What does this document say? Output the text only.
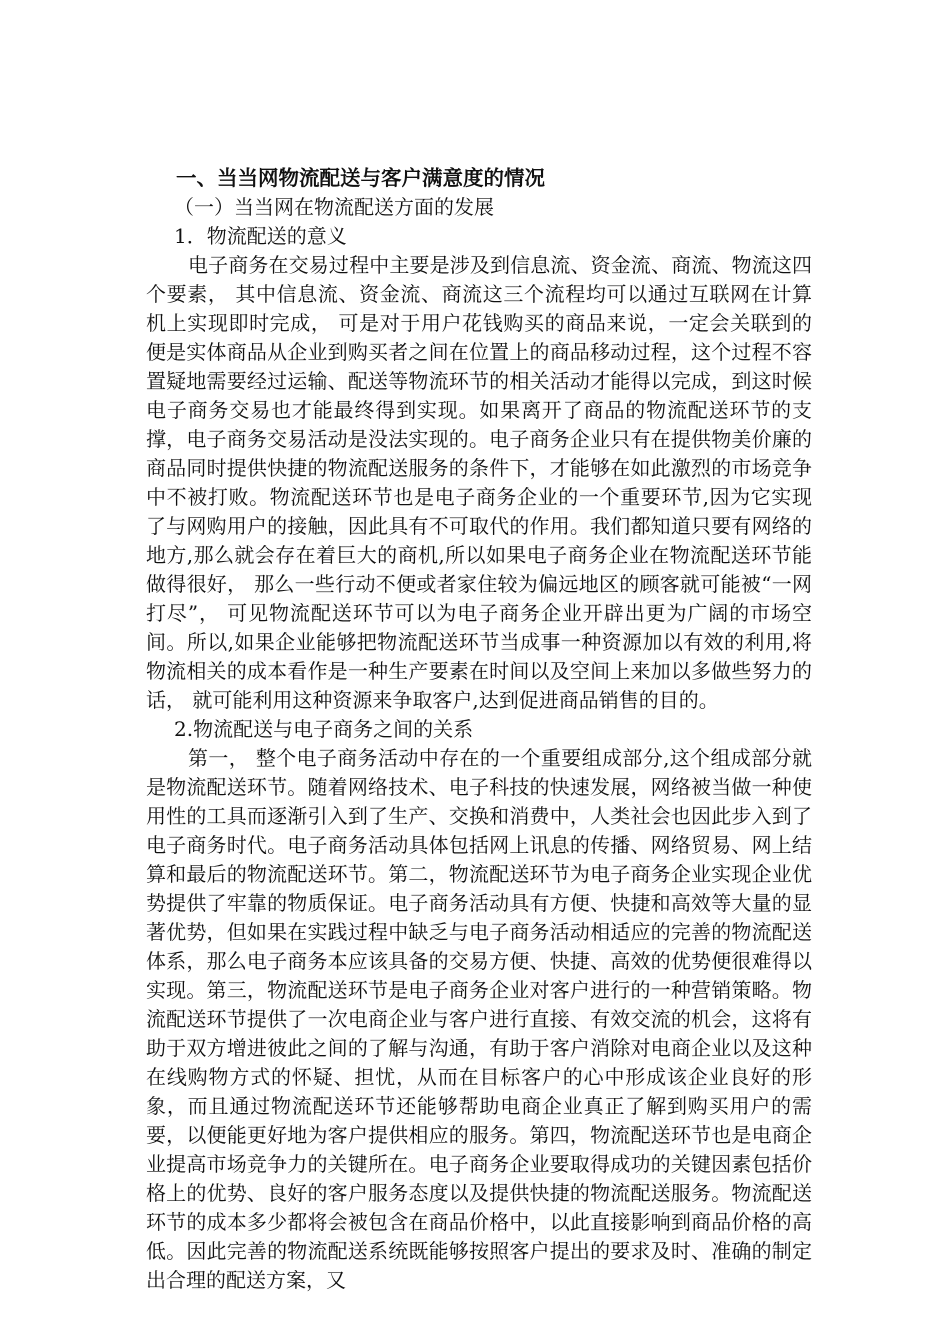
一、当当网物流配送与客户满意度的情况
（一）当当网在物流配送方面的发展
1．物流配送的意义

电子商务在交易过程中主要是涉及到信息流、资金流、商流、物流这四个要素， 其中信息流、资金流、商流这三个流程均可以通过互联网在计算机上实现即时完成， 可是对于用户花钱购买的商品来说，一定会关联到的便是实体商品从企业到购买者之间在位置上的商品移动过程，这个过程不容置疑地需要经过运输、配送等物流环节的相关活动才能得以完成，到这时候电子商务交易也才能最终得到实现。如果离开了商品的物流配送环节的支撑，电子商务交易活动是没法实现的。电子商务企业只有在提供物美价廉的商品同时提供快捷的物流配送服务的条件下，才能够在如此激烈的市场竞争中不被打败。物流配送环节也是电子商务企业的一个重要环节,因为它实现了与网购用户的接触，因此具有不可取代的作用。我们都知道只要有网络的地方,那么就会存在着巨大的商机,所以如果电子商务企业在物流配送环节能做得很好， 那么一些行动不便或者家住较为偏远地区的顾客就可能被“一网打尽”， 可见物流配送环节可以为电子商务企业开辟出更为广阔的市场空间。所以,如果企业能够把物流配送环节当成事一种资源加以有效的利用,将物流相关的成本看作是一种生产要素在时间以及空间上来加以多做些努力的话， 就可能利用这种资源来争取客户,达到促进商品销售的目的。

2.物流配送与电子商务之间的关系

第一， 整个电子商务活动中存在的一个重要组成部分,这个组成部分就是物流配送环节。随着网络技术、电子科技的快速发展，网络被当做一种使用性的工具而逐渐引入到了生产、交换和消费中，人类社会也因此步入到了电子商务时代。电子商务活动具体包括网上讯息的传播、网络贸易、网上结算和最后的物流配送环节。第二，物流配送环节为电子商务企业实现企业优势提供了牢靠的物质保证。电子商务活动具有方便、快捷和高效等大量的显著优势，但如果在实践过程中缺乏与电子商务活动相适应的完善的物流配送体系，那么电子商务本应该具备的交易方便、快捷、高效的优势便很难得以实现。第三，物流配送环节是电子商务企业对客户进行的一种营销策略。物流配送环节提供了一次电商企业与客户进行直接、有效交流的机会，这将有助于双方增进彼此之间的了解与沟通，有助于客户消除对电商企业以及这种在线购物方式的怀疑、担忧，从而在目标客户的心中形成该企业良好的形象，而且通过物流配送环节还能够帮助电商企业真正了解到购买用户的需要，以便能更好地为客户提供相应的服务。第四，物流配送环节也是电商企业提高市场竞争力的关键所在。电子商务企业要取得成功的关键因素包括价格上的优势、良好的客户服务态度以及提供快捷的物流配送服务。物流配送环节的成本多少都将会被包含在商品价格中，以此直接影响到商品价格的高低。因此完善的物流配送系统既能够按照客户提出的要求及时、准确的制定出合理的配送方案，又
